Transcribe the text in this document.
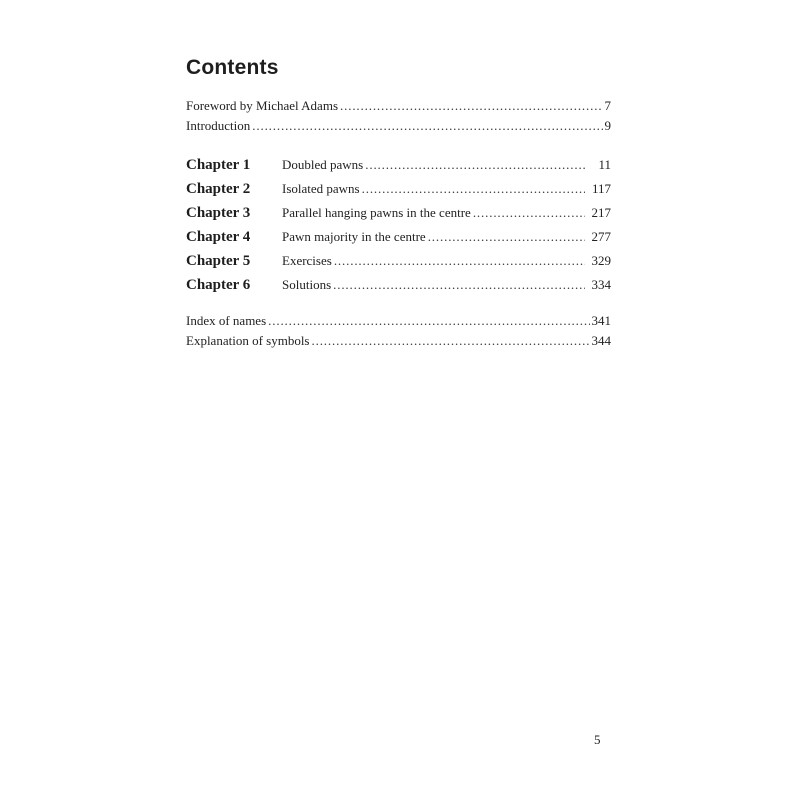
Contents
Foreword by Michael Adams . . .	7
Introduction . . .	9
Chapter 1	Doubled pawns . . .	11
Chapter 2	Isolated pawns . . .	117
Chapter 3	Parallel hanging pawns in the centre . . .	217
Chapter 4	Pawn majority in the centre . . .	277
Chapter 5	Exercises . . .	329
Chapter 6	Solutions . . .	334
Index of names . . .	341
Explanation of symbols . . .	344
5
